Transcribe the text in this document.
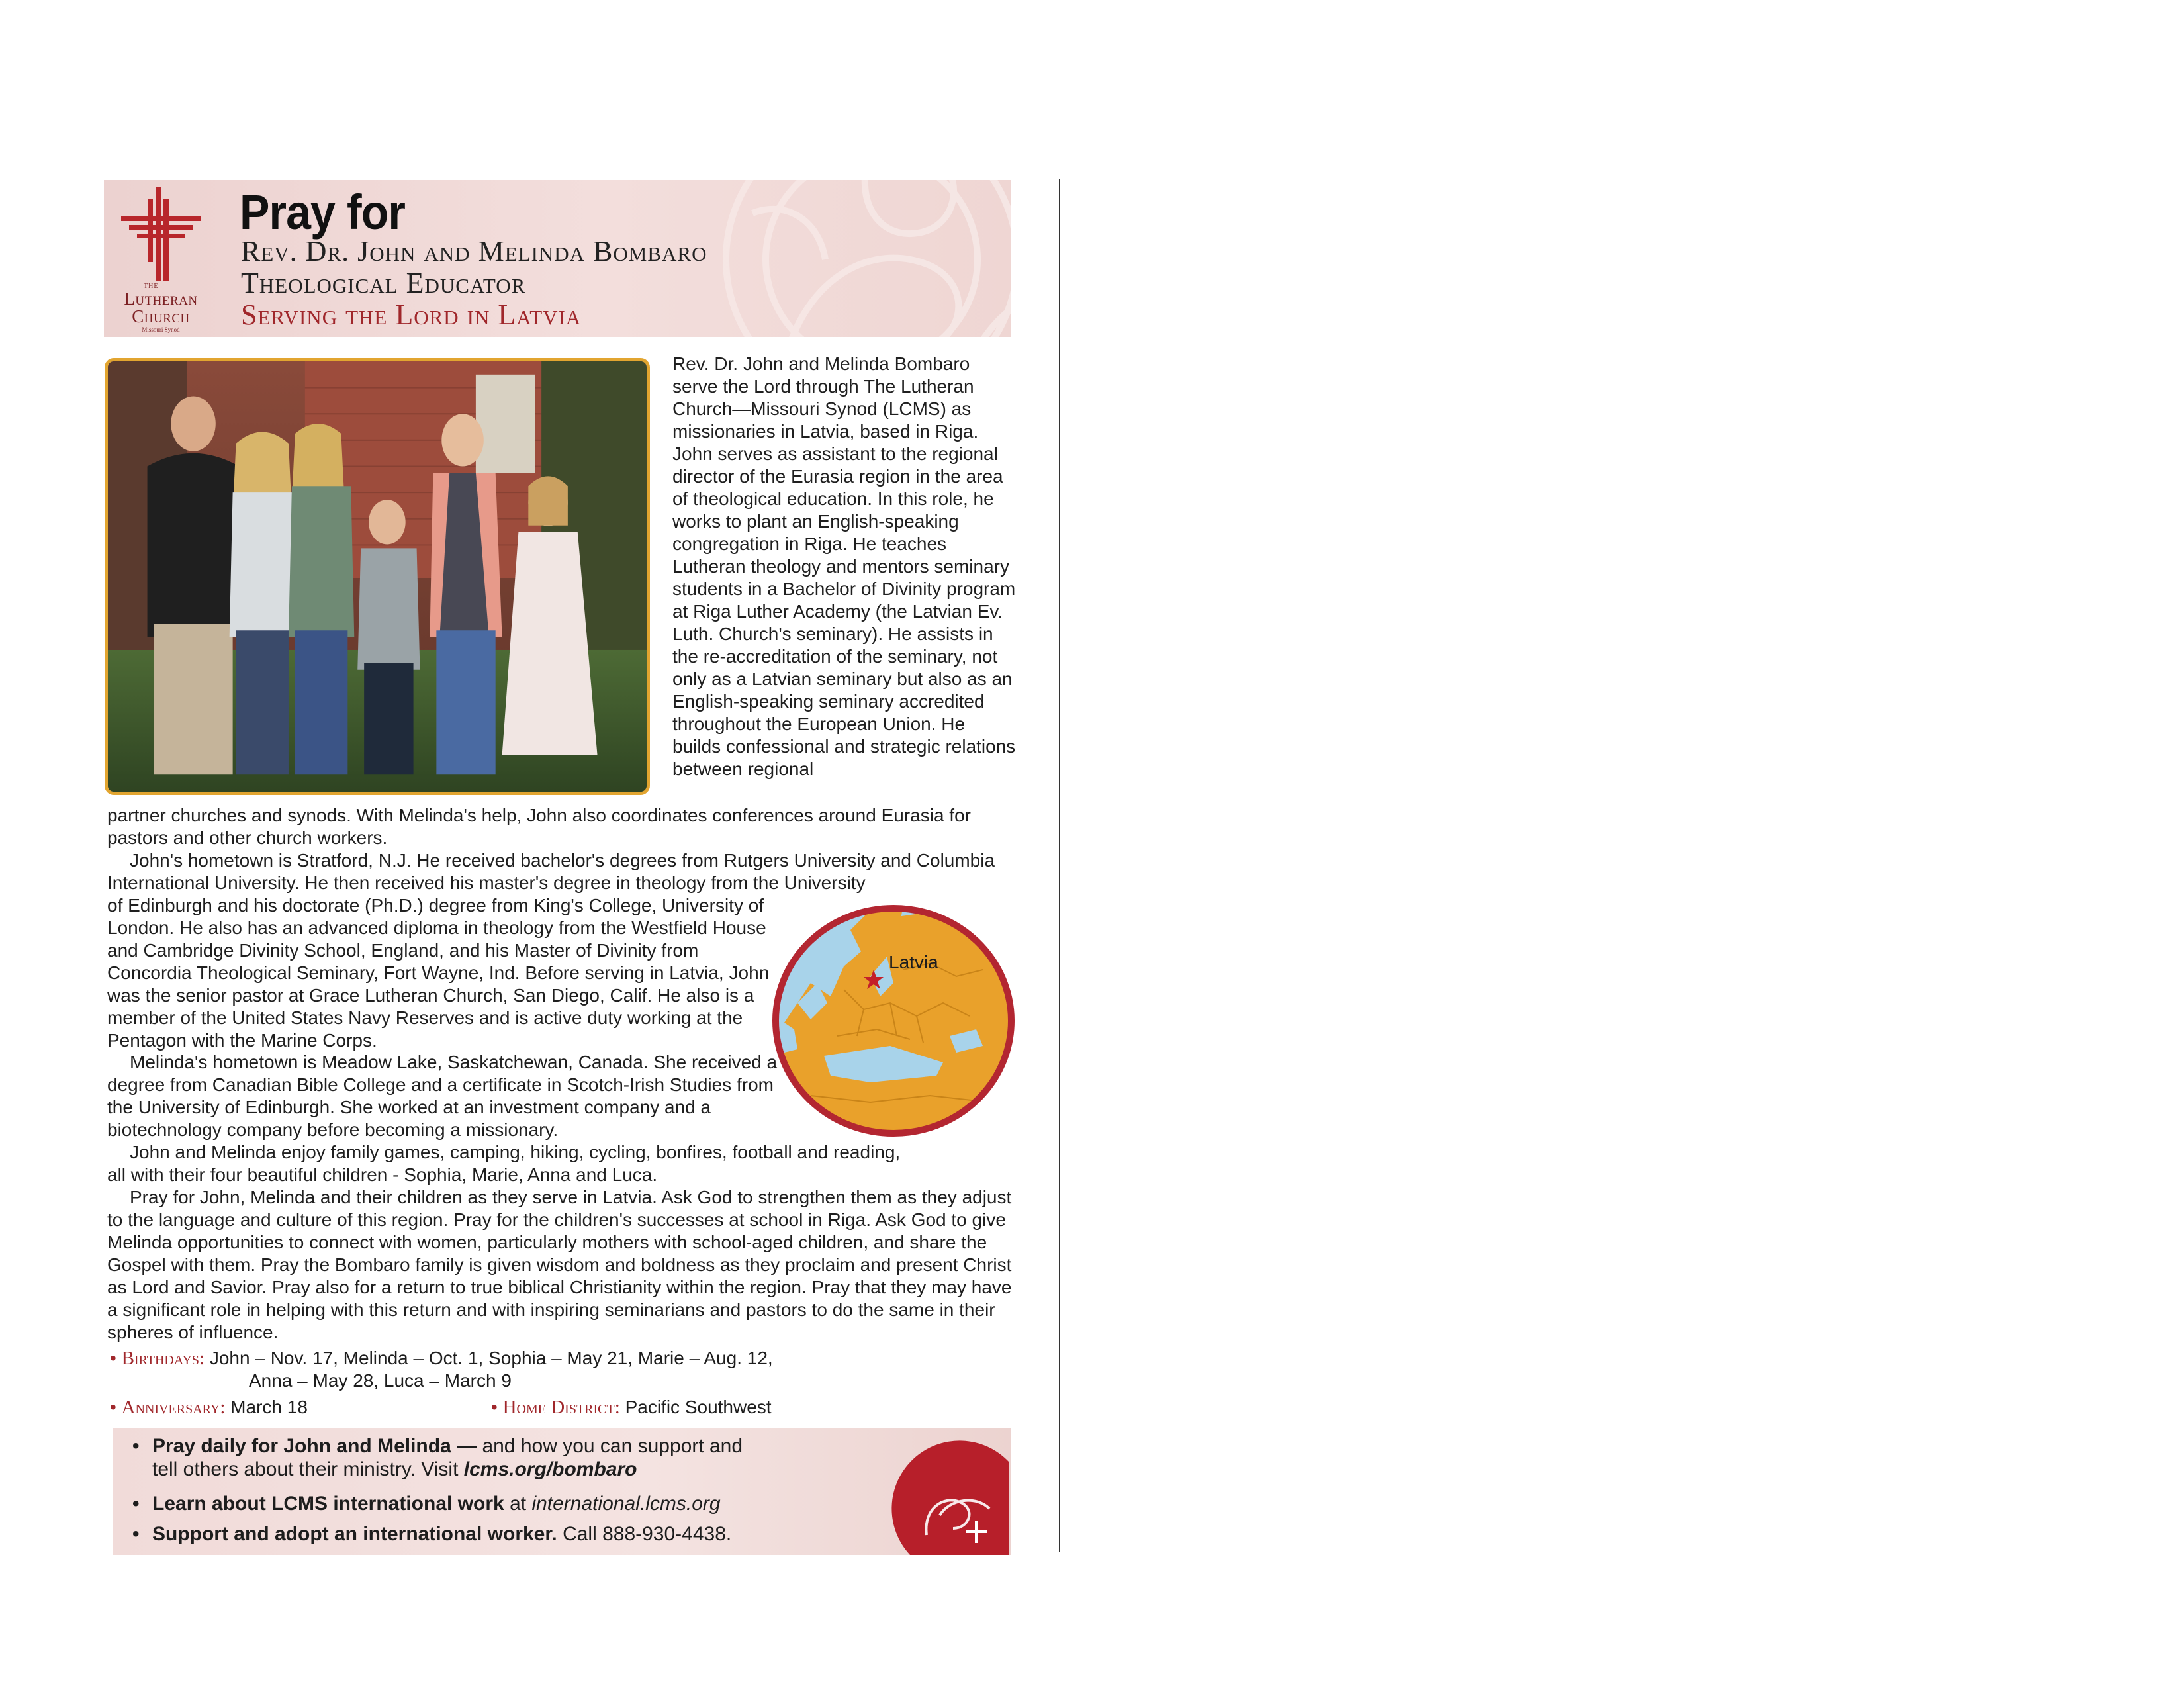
THE
Lutheran
Church
Missouri Synod
Pray for
Rev. Dr. John and Melinda Bombaro
Theological Educator
Serving the Lord in Latvia

Rev. Dr. John and Melinda Bombaro serve the Lord through The Lutheran Church—Missouri Synod (LCMS) as missionaries in Latvia, based in Riga. John serves as assistant to the regional director of the Eurasia region in the area of theological education. In this role, he works to plant an English-speaking congregation in Riga. He teaches Lutheran theology and mentors seminary students in a Bachelor of Divinity program at Riga Luther Academy (the Latvian Ev. Luth. Church's seminary). He assists in the re-accreditation of the seminary, not only as a Latvian seminary but also as an English-speaking seminary accredited throughout the European Union. He builds confessional and strategic relations between regional

partner churches and synods. With Melinda's help, John also coordinates conferences around Eurasia for pastors and other church workers.

John's hometown is Stratford, N.J. He received bachelor's degrees from Rutgers University and Columbia International University. He then received his master's degree in theology from the University

of Edinburgh and his doctorate (Ph.D.) degree from King's College, University of London. He also has an advanced diploma in theology from the Westfield House and Cambridge Divinity School, England, and his Master of Divinity from Concordia Theological Seminary, Fort Wayne, Ind. Before serving in Latvia, John was the senior pastor at Grace Lutheran Church, San Diego, Calif. He also is a member of the United States Navy Reserves and is active duty working at the Pentagon with the Marine Corps.

Melinda's hometown is Meadow Lake, Saskatchewan, Canada. She received a degree from Canadian Bible College and a certificate in Scotch-Irish Studies from the University of Edinburgh. She worked at an investment company and a biotechnology company before becoming a missionary.

John and Melinda enjoy family games, camping, hiking, cycling, bonfires, football and reading, all with their four beautiful children - Sophia, Marie, Anna and Luca.

Pray for John, Melinda and their children as they serve in Latvia. Ask God to strengthen them as they adjust to the language and culture of this region. Pray for the children's successes at school in Riga. Ask God to give Melinda opportunities to connect with women, particularly mothers with school-aged children, and share the Gospel with them. Pray the Bombaro family is given wisdom and boldness as they proclaim and present Christ as Lord and Savior. Pray also for a return to true biblical Christianity within the region. Pray that they may have a significant role in helping with this return and with inspiring seminarians and pastors to do the same in their spheres of influence.

Latvia
• Birthdays: John – Nov. 17, Melinda – Oct. 1, Sophia – May 21, Marie – Aug. 12,
Anna – May 28, Luca – March 9
• Anniversary: March 18	• Home District: Pacific Southwest
• Pray daily for John and Melinda — and how you can support and tell others about their ministry. Visit lcms.org/bombaro
• Learn about LCMS international work at international.lcms.org
• Support and adopt an international worker. Call 888-930-4438.
